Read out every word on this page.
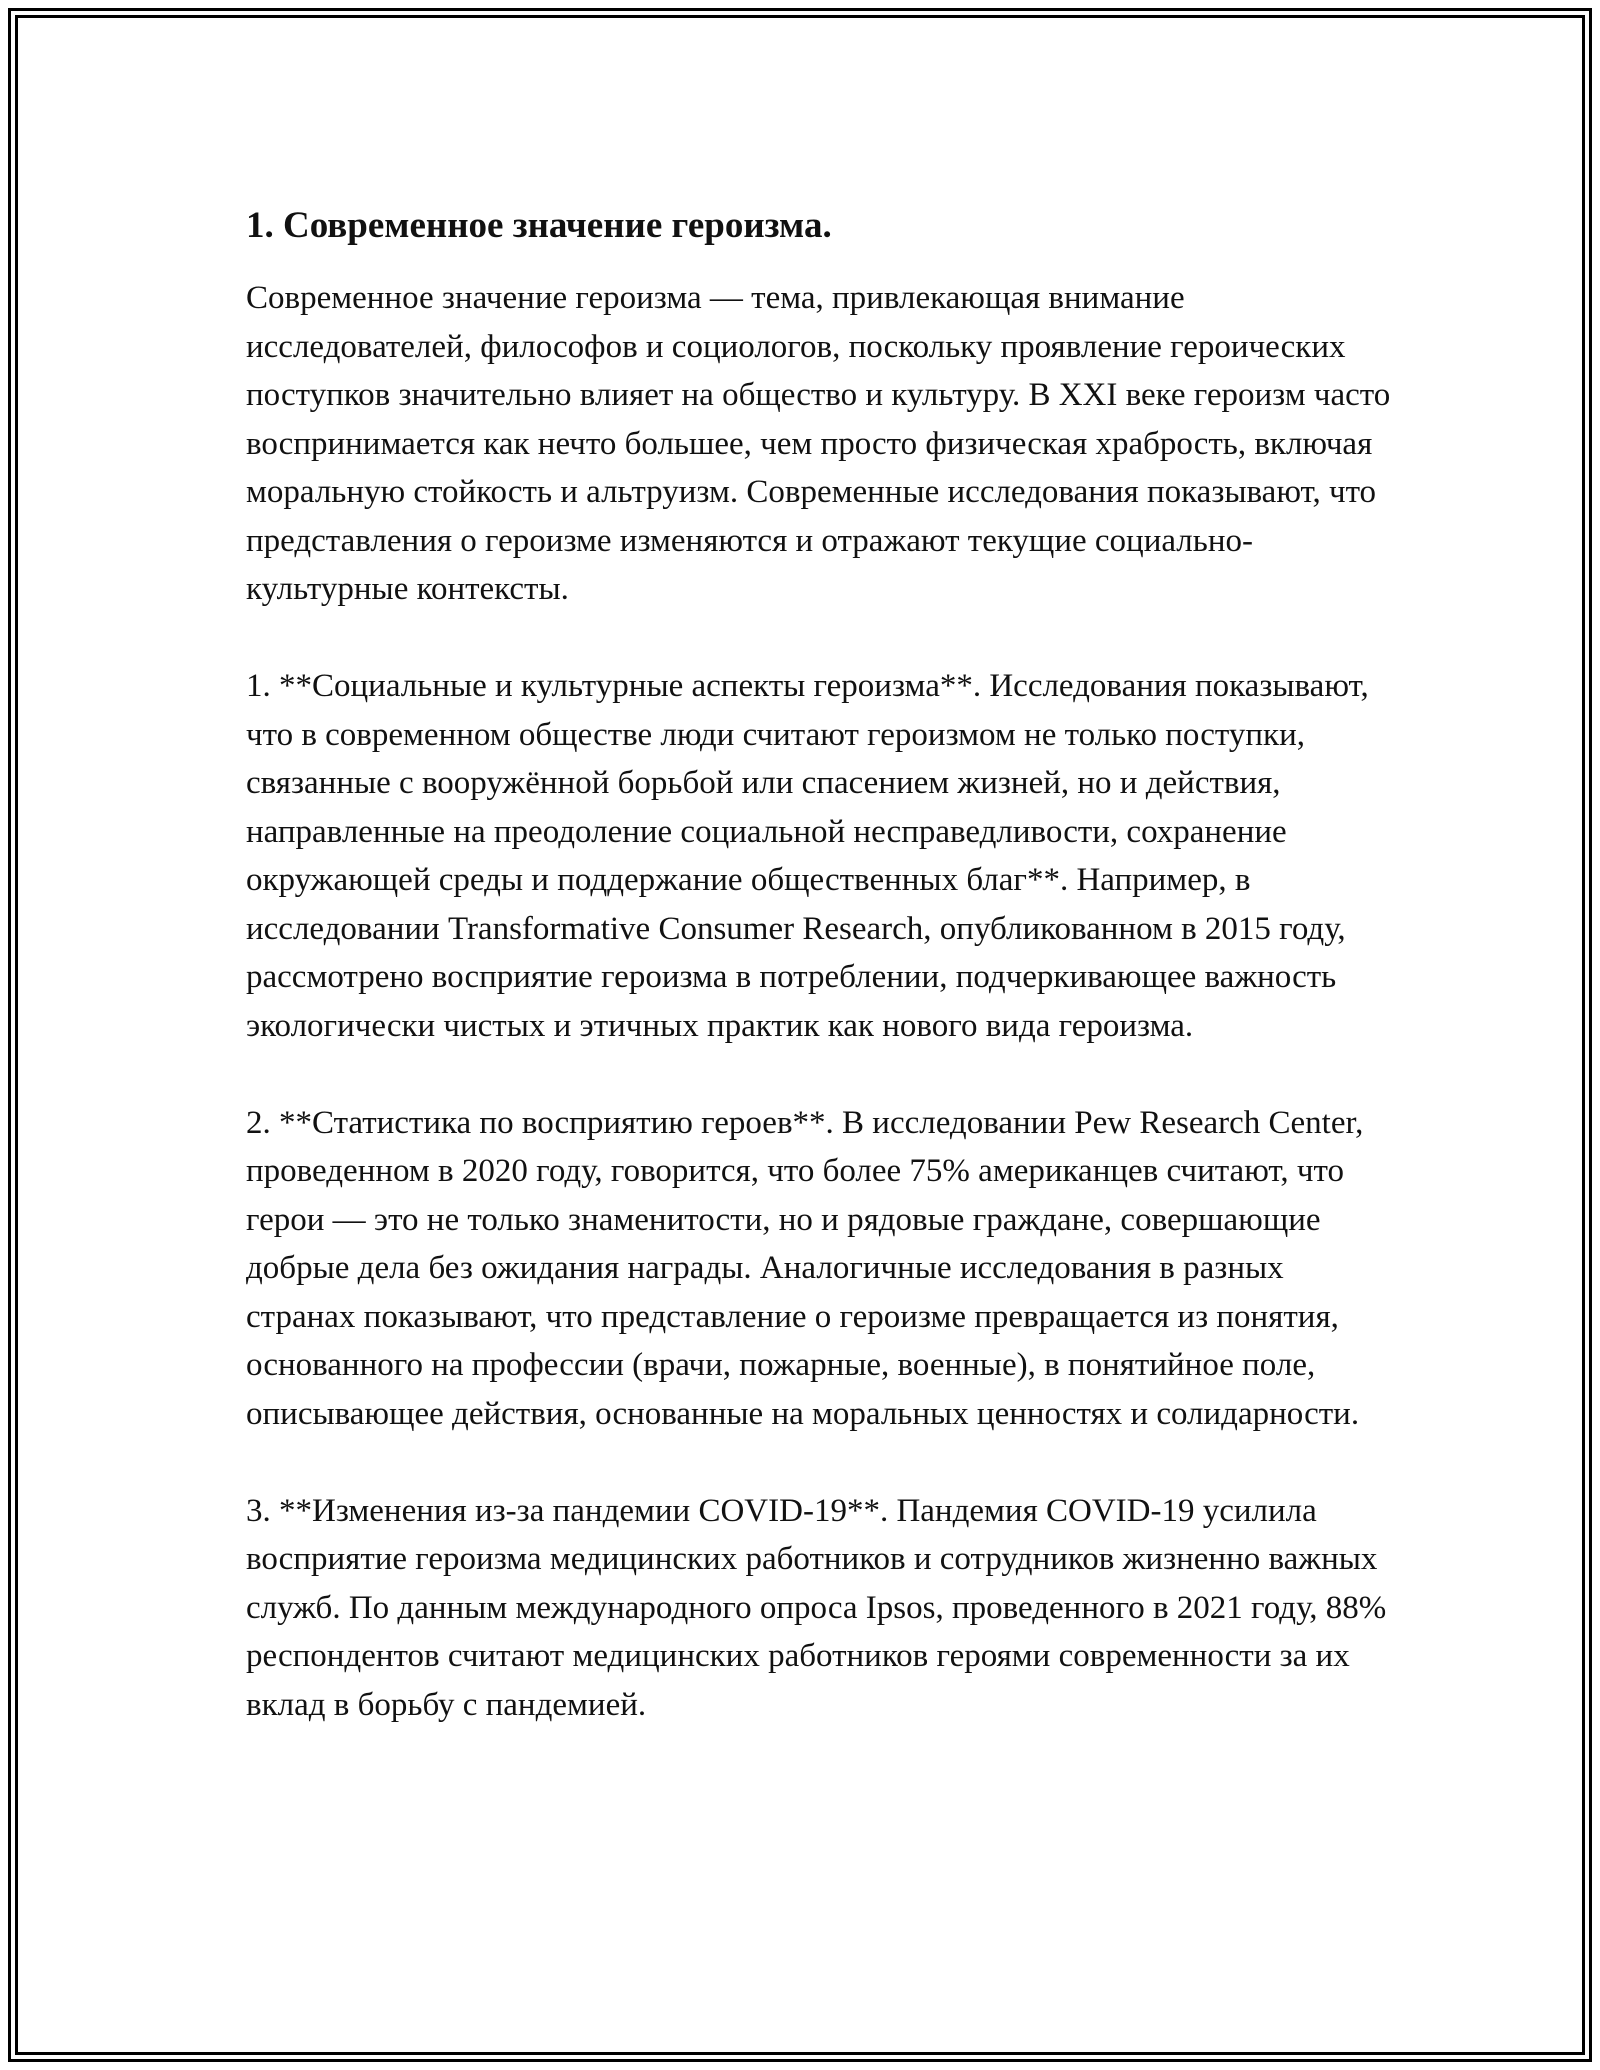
1. Современное значение героизма.
Современное значение героизма — тема, привлекающая внимание исследователей, философов и социологов, поскольку проявление героических поступков значительно влияет на общество и культуру. В XXI веке героизм часто воспринимается как нечто большее, чем просто физическая храбрость, включая моральную стойкость и альтруизм. Современные исследования показывают, что представления о героизме изменяются и отражают текущие социально-культурные контексты.
1. **Социальные и культурные аспекты героизма**. Исследования показывают, что в современном обществе люди считают героизмом не только поступки, связанные с вооружённой борьбой или спасением жизней, но и действия, направленные на преодоление социальной несправедливости, сохранение окружающей среды и поддержание общественных благ**. Например, в исследовании Transformative Consumer Research, опубликованном в 2015 году, рассмотрено восприятие героизма в потреблении, подчеркивающее важность экологически чистых и этичных практик как нового вида героизма.
2. **Статистика по восприятию героев**. В исследовании Pew Research Center, проведенном в 2020 году, говорится, что более 75% американцев считают, что герои — это не только знаменитости, но и рядовые граждане, совершающие добрые дела без ожидания награды. Аналогичные исследования в разных странах показывают, что представление о героизме превращается из понятия, основанного на профессии (врачи, пожарные, военные), в понятийное поле, описывающее действия, основанные на моральных ценностях и солидарности.
3. **Изменения из-за пандемии COVID-19**. Пандемия COVID-19 усилила восприятие героизма медицинских работников и сотрудников жизненно важных служб. По данным международного опроса Ipsos, проведенного в 2021 году, 88% респондентов считают медицинских работников героями современности за их вклад в борьбу с пандемией.
